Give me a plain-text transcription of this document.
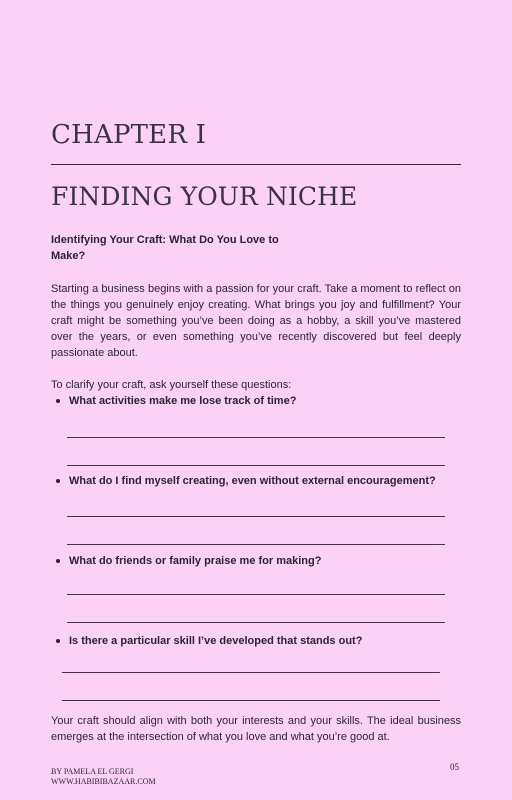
CHAPTER I
FINDING YOUR NICHE

Identifying Your Craft: What Do You Love to Make?

Starting a business begins with a passion for your craft. Take a moment to reflect on the things you genuinely enjoy creating. What brings you joy and fulfillment? Your craft might be something you’ve been doing as a hobby, a skill you’ve mastered over the years, or even something you’ve recently discovered but feel deeply passionate about.

To clarify your craft, ask yourself these questions:

What activities make me lose track of time?

What do I find myself creating, even without external encouragement?

What do friends or family praise me for making?

Is there a particular skill I’ve developed that stands out?

Your craft should align with both your interests and your skills. The ideal business emerges at the intersection of what you love and what you’re good at.

BY PAMELA EL GERGI
WWW.HABIBIBAZAAR.COM
05
